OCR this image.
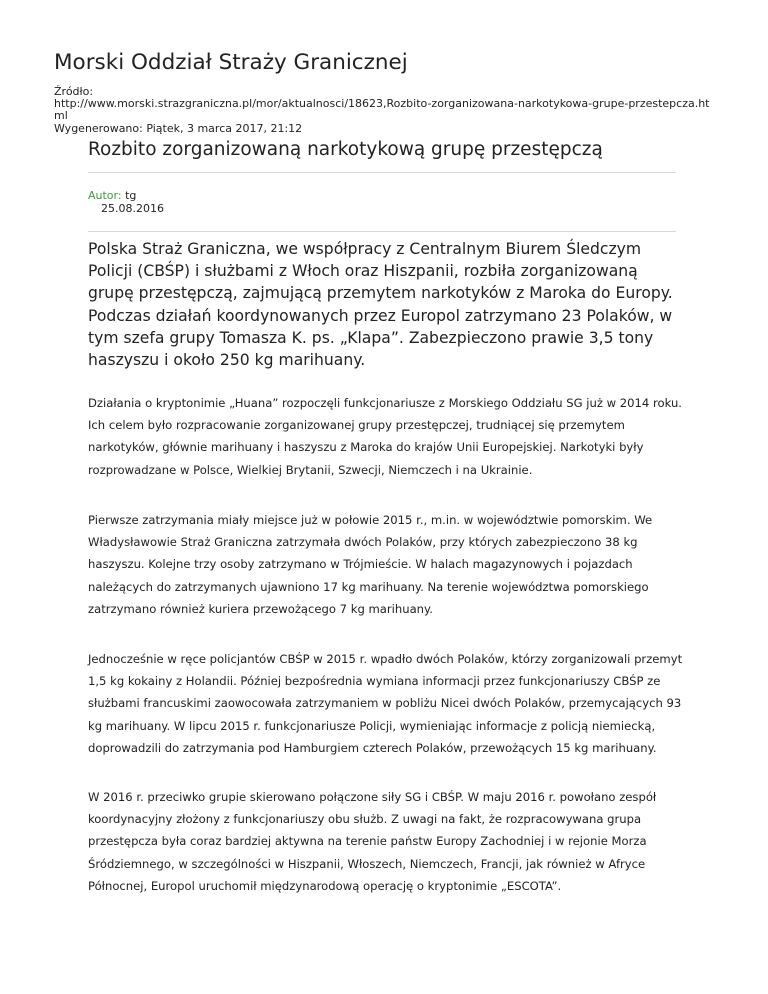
Morski Oddział Straży Granicznej
Źródło:
http://www.morski.strazgraniczna.pl/mor/aktualnosci/18623,Rozbito-zorganizowana-narkotykowa-grupe-przestepcza.html
Wygenerowano: Piątek, 3 marca 2017, 21:12
Rozbito zorganizowaną narkotykową grupę przestępczą
Autor: tg
25.08.2016

Polska Straż Graniczna, we współpracy z Centralnym Biurem Śledczym Policji (CBŚP) i służbami z Włoch oraz Hiszpanii, rozbiła zorganizowaną grupę przestępczą, zajmującą przemytem narkotyków z Maroka do Europy. Podczas działań koordynowanych przez Europol zatrzymano 23 Polaków, w tym szefa grupy Tomasza K. ps. „Klapa”. Zabezpieczono prawie 3,5 tony haszyszu i około 250 kg marihuany.

Działania o kryptonimie „Huana” rozpoczęli funkcjonariusze z Morskiego Oddziału SG już w 2014 roku. Ich celem było rozpracowanie zorganizowanej grupy przestępczej, trudniącej się przemytem narkotyków, głównie marihuany i haszyszu z Maroka do krajów Unii Europejskiej. Narkotyki były rozprowadzane w Polsce, Wielkiej Brytanii, Szwecji, Niemczech i na Ukrainie.

Pierwsze zatrzymania miały miejsce już w połowie 2015 r., m.in. w województwie pomorskim. We Władysławowie Straż Graniczna zatrzymała dwóch Polaków, przy których zabezpieczono 38 kg haszyszu. Kolejne trzy osoby zatrzymano w Trójmieście. W halach magazynowych i pojazdach należących do zatrzymanych ujawniono 17 kg marihuany. Na terenie województwa pomorskiego zatrzymano również kuriera przewożącego 7 kg marihuany.

Jednocześnie w ręce policjantów CBŚP w 2015 r. wpadło dwóch Polaków, którzy zorganizowali przemyt 1,5 kg kokainy z Holandii. Później bezpośrednia wymiana informacji przez funkcjonariuszy CBŚP ze służbami francuskimi zaowocowała zatrzymaniem w pobliżu Nicei dwóch Polaków, przemycających 93 kg marihuany. W lipcu 2015 r. funkcjonariusze Policji, wymieniając informacje z policją niemiecką, doprowadzili do zatrzymania pod Hamburgiem czterech Polaków, przewożących 15 kg marihuany.

W 2016 r. przeciwko grupie skierowano połączone siły SG i CBŚP. W maju 2016 r. powołano zespół koordynacyjny złożony z funkcjonariuszy obu służb. Z uwagi na fakt, że rozpracowywana grupa przestępcza była coraz bardziej aktywna na terenie państw Europy Zachodniej i w rejonie Morza Śródziemnego, w szczególności w Hiszpanii, Włoszech, Niemczech, Francji, jak również w Afryce Północnej, Europol uruchomił międzynarodową operację o kryptonimie „ESCOTA”.
